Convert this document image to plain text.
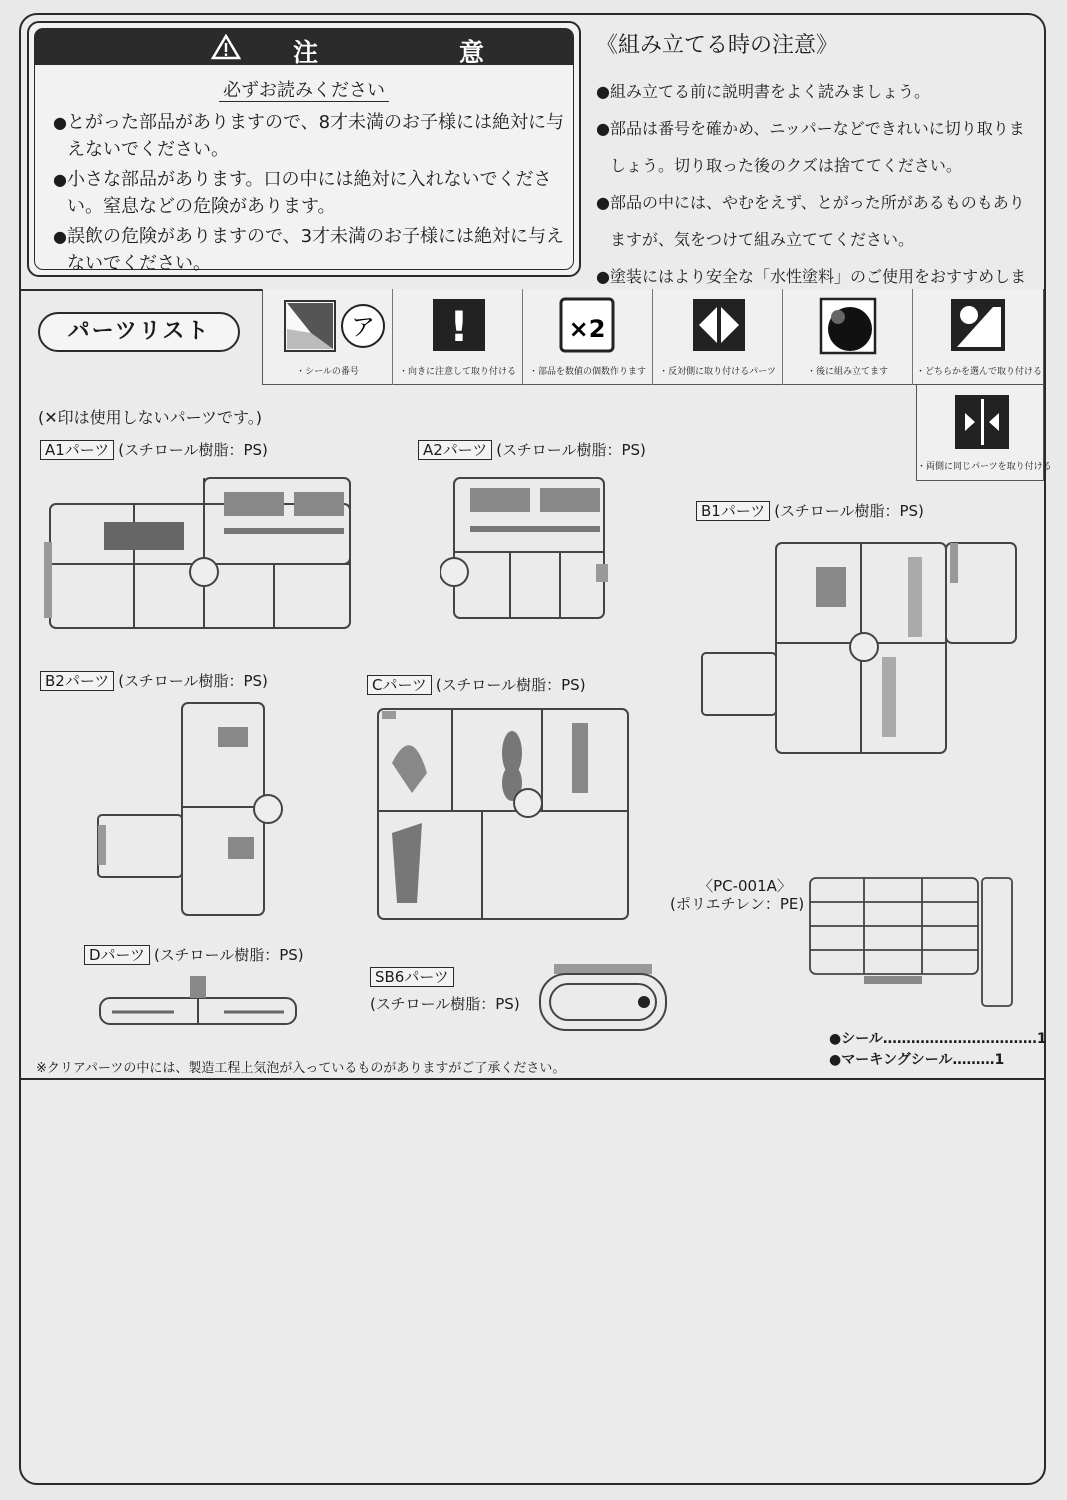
注　意
必ずお読みください

●とがった部品がありますので、8才未満のお子様には絶対に与えないでください。

●小さな部品があります。口の中には絶対に入れないでください。窒息などの危険があります。

●誤飲の危険がありますので、3才未満のお子様には絶対に与えないでください。

《組み立てる時の注意》

●組み立てる前に説明書をよく読みましょう。

●部品は番号を確かめ、ニッパーなどできれいに切り取りましょう。切り取った後のクズは捨ててください。

●部品の中には、やむをえず、とがった所があるものもありますが、気をつけて組み立ててください。

●塗装にはより安全な「水性塗料」のご使用をおすすめしま

パーツリスト	ア
・シールの番号
!
・向きに注意して取り付ける
×2
・部品を数値の個数作ります	・反対側に取り付けるパーツ	・後に組み立てます	・どちらかを選んで取り付ける
・両側に同じパーツを取り付ける
(✕印は使用しないパーツです。)
A1パーツ (スチロール樹脂：PS)	A2パーツ (スチロール樹脂：PS)
B1パーツ (スチロール樹脂：PS)
B2パーツ (スチロール樹脂：PS)	Cパーツ (スチロール樹脂：PS)
Dパーツ (スチロール樹脂：PS)
SB6パーツ
(スチロール樹脂：PS)
〈PC-001A〉
(ポリエチレン：PE)
※クリアパーツの中には、製造工程上気泡が入っているものがありますがご了承ください。
●シール……………………………1
●マーキングシール………1
